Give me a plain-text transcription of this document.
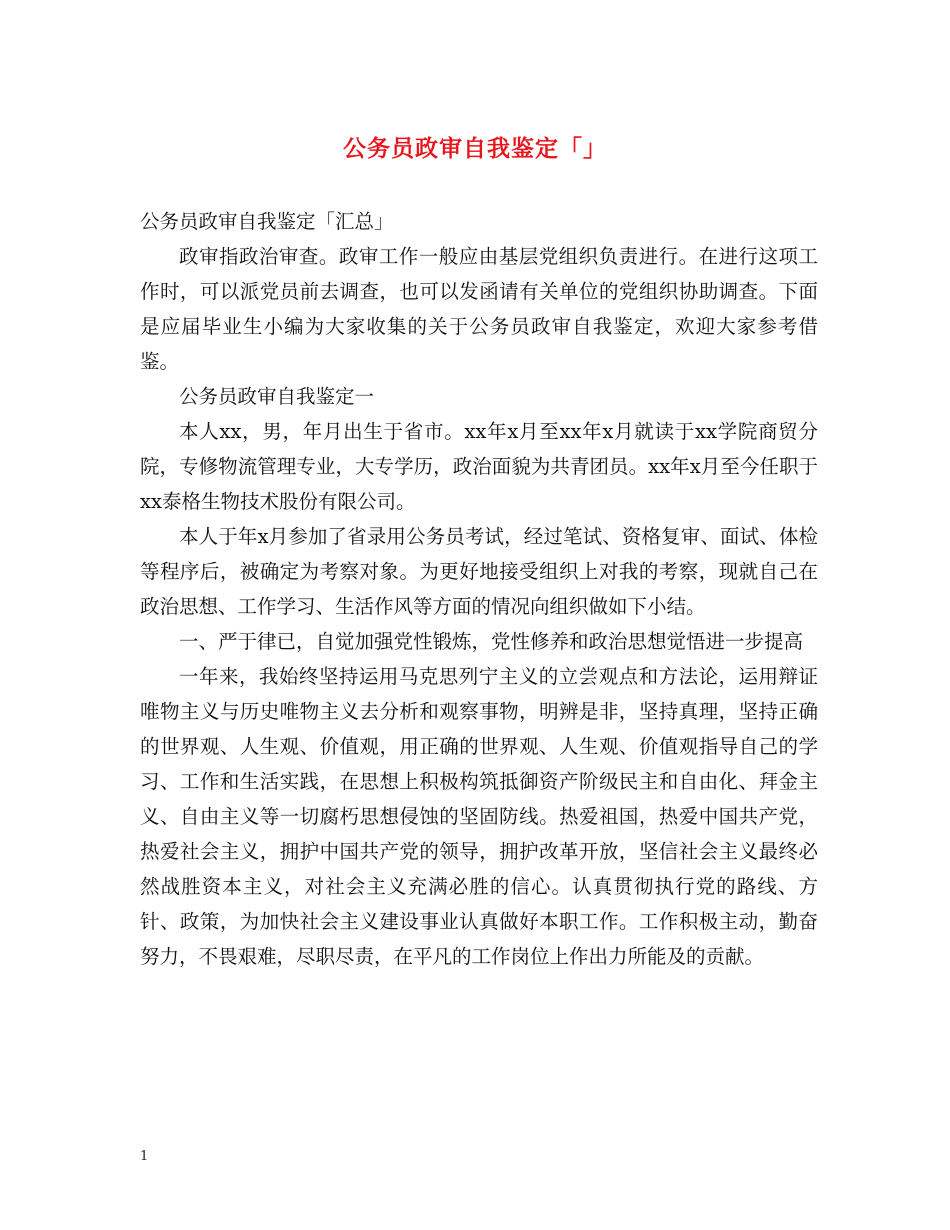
公务员政审自我鉴定「」

公务员政审自我鉴定「汇总」

政审指政治审查。政审工作一般应由基层党组织负责进行。在进行这项工作时，可以派党员前去调查，也可以发函请有关单位的党组织协助调查。下面是应届毕业生小编为大家收集的关于公务员政审自我鉴定，欢迎大家参考借鉴。

公务员政审自我鉴定一

本人xx，男，年月出生于省市。xx年x月至xx年x月就读于xx学院商贸分院，专修物流管理专业，大专学历，政治面貌为共青团员。xx年x月至今任职于xx泰格生物技术股份有限公司。

本人于年x月参加了省录用公务员考试，经过笔试、资格复审、面试、体检等程序后，被确定为考察对象。为更好地接受组织上对我的考察，现就自己在政治思想、工作学习、生活作风等方面的情况向组织做如下小结。

一、严于律已，自觉加强党性锻炼，党性修养和政治思想觉悟进一步提高

一年来，我始终坚持运用马克思列宁主义的立尝观点和方法论，运用辩证唯物主义与历史唯物主义去分析和观察事物，明辨是非，坚持真理，坚持正确的世界观、人生观、价值观，用正确的世界观、人生观、价值观指导自己的学习、工作和生活实践，在思想上积极构筑抵御资产阶级民主和自由化、拜金主义、自由主义等一切腐朽思想侵蚀的坚固防线。热爱祖国，热爱中国共产党，热爱社会主义，拥护中国共产党的领导，拥护改革开放，坚信社会主义最终必然战胜资本主义，对社会主义充满必胜的信心。认真贯彻执行党的路线、方针、政策，为加快社会主义建设事业认真做好本职工作。工作积极主动，勤奋努力，不畏艰难，尽职尽责，在平凡的工作岗位上作出力所能及的贡献。

1
